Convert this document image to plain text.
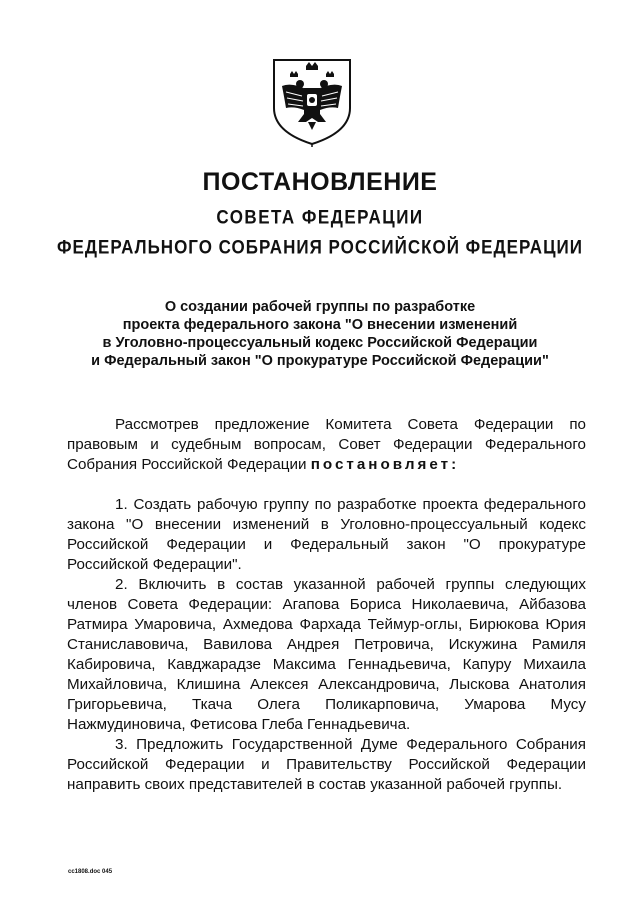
ПОСТАНОВЛЕНИЕ
СОВЕТА ФЕДЕРАЦИИ
ФЕДЕРАЛЬНОГО СОБРАНИЯ РОССИЙСКОЙ ФЕДЕРАЦИИ
О создании рабочей группы по разработке
проекта федерального закона "О внесении изменений
в Уголовно-процессуальный кодекс Российской Федерации
и Федеральный закон "О прокуратуре Российской Федерации"

Рассмотрев предложение Комитета Совета Федерации по правовым и судебным вопросам, Совет Федерации Федерального Собрания Российской Федерации постановляет:

1. Создать рабочую группу по разработке проекта федерального закона "О внесении изменений в Уголовно-процессуальный кодекс Российской Федерации и Федеральный закон "О прокуратуре Российской Федерации".

2. Включить в состав указанной рабочей группы следующих членов Совета Федерации: Агапова Бориса Николаевича, Айбазова Ратмира Умаровича, Ахмедова Фархада Теймур-оглы, Бирюкова Юрия Станиславовича, Вавилова Андрея Петровича, Искужина Рамиля Кабировича, Кавджарадзе Максима Геннадьевича, Капуру Михаила Михайловича, Клишина Алексея Александровича, Лыскова Анатолия Григорьевича, Ткача Олега Поликарповича, Умарова Мусу Нажмудиновича, Фетисова Глеба Геннадьевича.

3. Предложить Государственной Думе Федерального Собрания Российской Федерации и Правительству Российской Федерации направить своих представителей в состав указанной рабочей группы.

сс1808.doc 045
